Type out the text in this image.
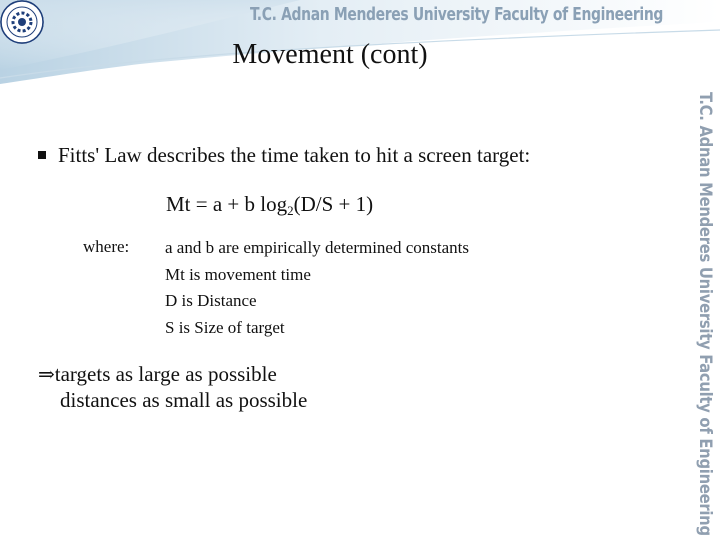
T.C. Adnan Menderes University Faculty of Engineering
Movement (cont)
T.C. Adnan Menderes University Faculty of Engineering
Fitts' Law describes the time taken to hit a screen target:
Mt = a + b $\log_2(D/S + 1)$
where: a and b are empirically determined constants
Mt is movement time
D is Distance
S is Size of target
⇒targets as large as possible
distances as small as possible
